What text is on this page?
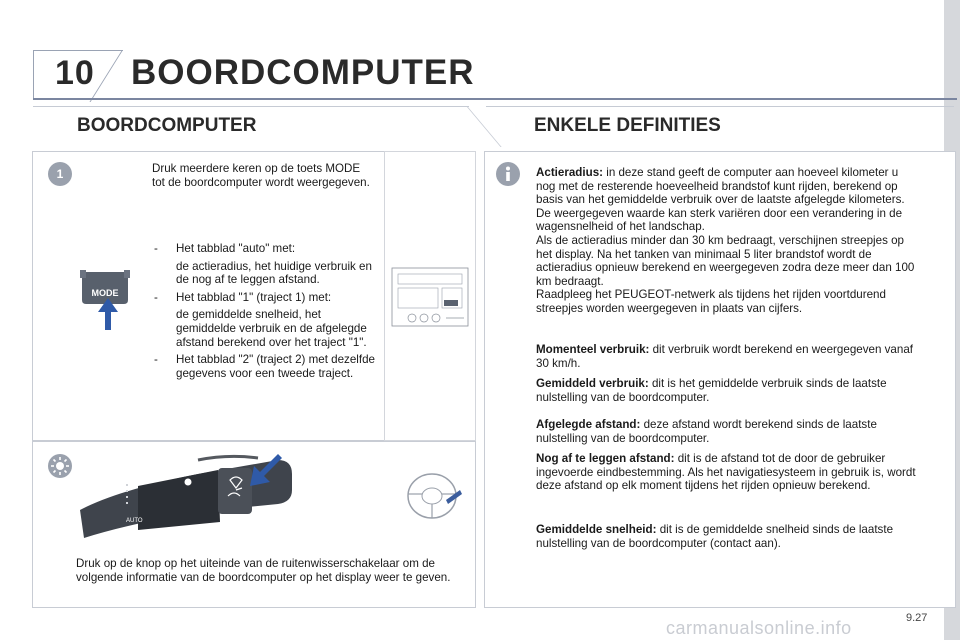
10 BOORDCOMPUTER
BOORDCOMPUTER	ENKELE DEFINITIES
1	Druk meerdere keren op de toets MODE tot de boordcomputer wordt weergegeven.
MODE
- Het tabblad "auto" met:
de actieradius, het huidige verbruik en de nog af te leggen afstand.
- Het tabblad "1" (traject 1) met:
de gemiddelde snelheid, het gemiddelde verbruik en de afgelegde afstand berekend over het traject "1".
- Het tabblad "2" (traject 2) met dezelfde gegevens voor een tweede traject.
AUTO
Druk op de knop op het uiteinde van de ruitenwisserschakelaar om de volgende informatie van de boordcomputer op het display weer te geven.
Actieradius: in deze stand geeft de computer aan hoeveel kilometer u nog met de resterende hoeveelheid brandstof kunt rijden, berekend op basis van het gemiddelde verbruik over de laatste afgelegde kilometers.
De weergegeven waarde kan sterk variëren door een verandering in de wagensnelheid of het landschap.
Als de actieradius minder dan 30 km bedraagt, verschijnen streepjes op het display. Na het tanken van minimaal 5 liter brandstof wordt de actieradius opnieuw berekend en weergegeven zodra deze meer dan 100 km bedraagt.
Raadpleeg het PEUGEOT-netwerk als tijdens het rijden voortdurend streepjes worden weergegeven in plaats van cijfers.
Momenteel verbruik: dit verbruik wordt berekend en weergegeven vanaf 30 km/h.
Gemiddeld verbruik: dit is het gemiddelde verbruik sinds de laatste nulstelling van de boordcomputer.
Afgelegde afstand: deze afstand wordt berekend sinds de laatste nulstelling van de boordcomputer.
Nog af te leggen afstand: dit is de afstand tot de door de gebruiker ingevoerde eindbestemming. Als het navigatiesysteem in gebruik is, wordt deze afstand op elk moment tijdens het rijden opnieuw berekend.
Gemiddelde snelheid: dit is de gemiddelde snelheid sinds de laatste nulstelling van de boordcomputer (contact aan).
carmanualsonline.info	9.27
